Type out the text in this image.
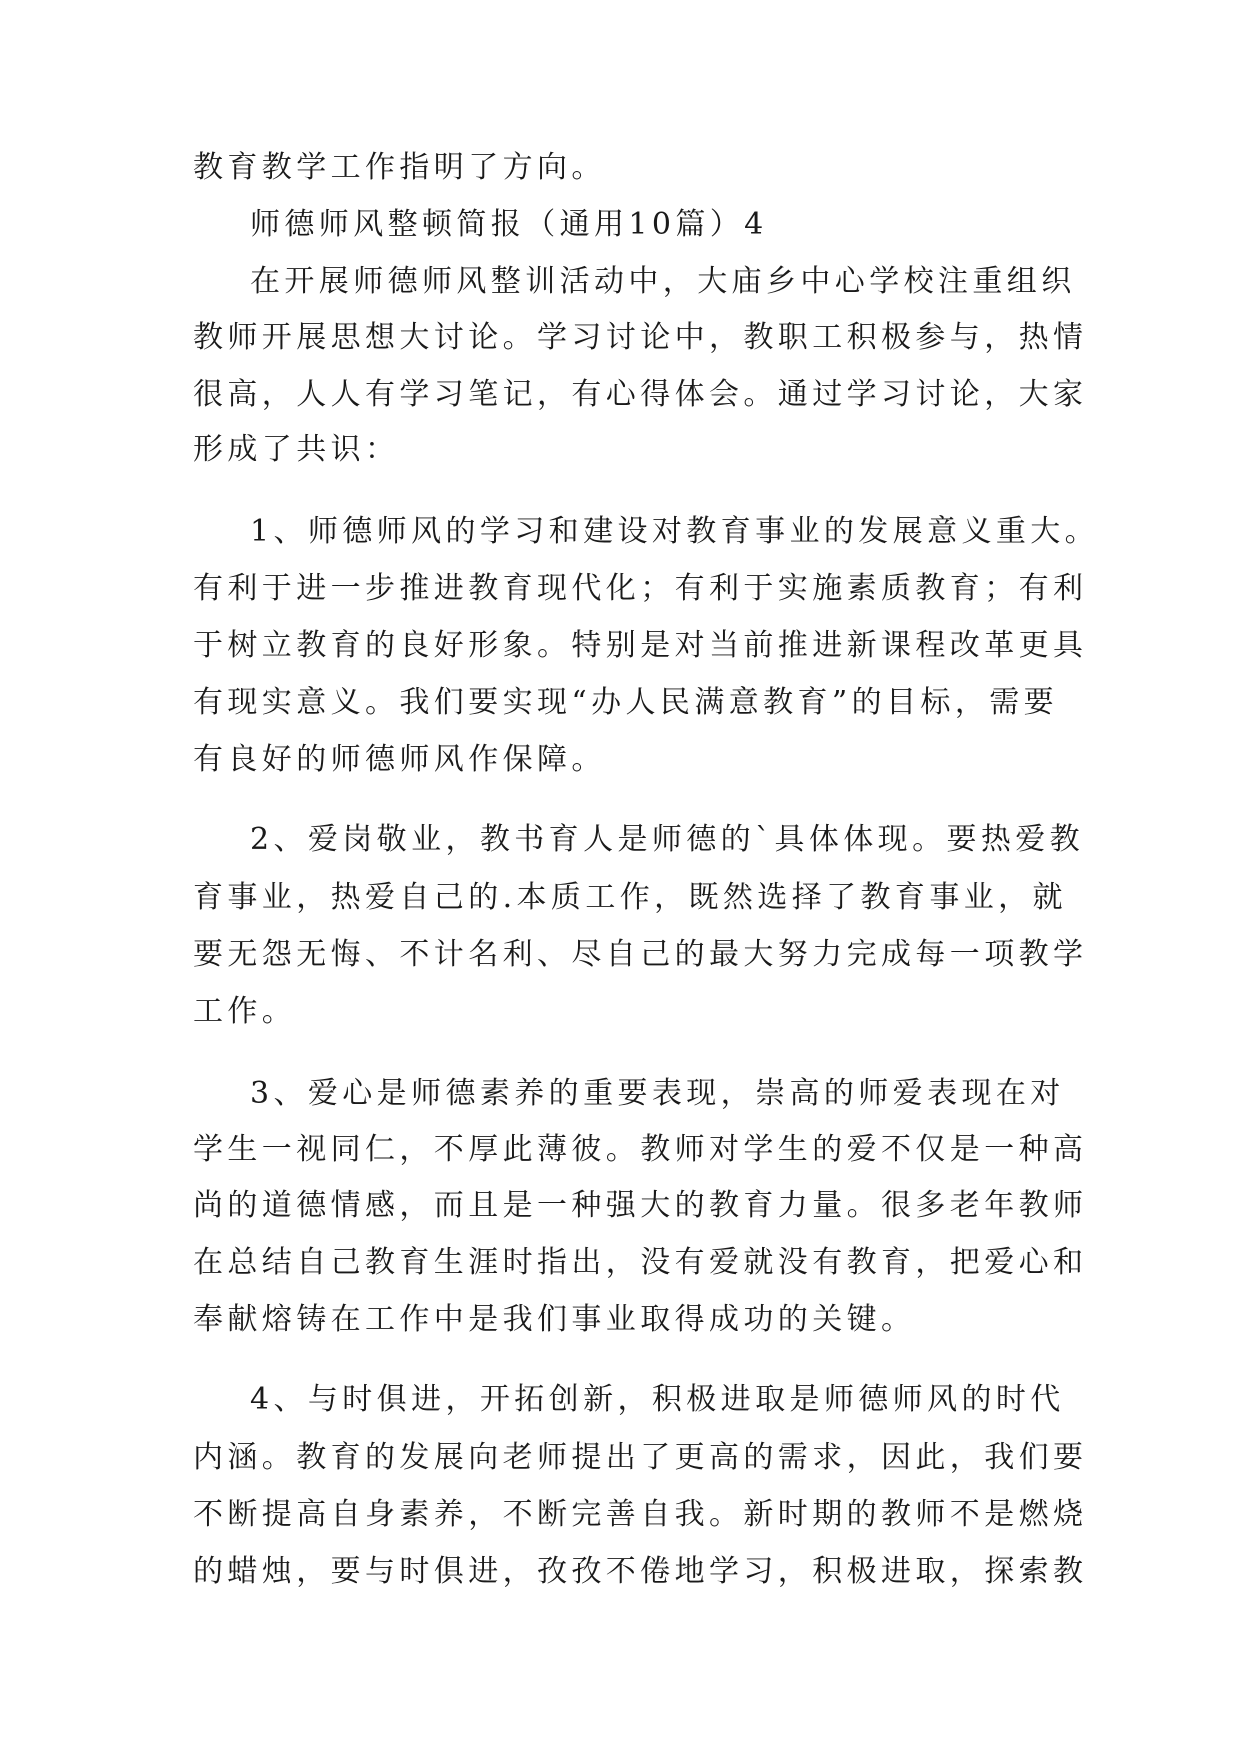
教育教学工作指明了方向。

师德师风整顿简报（通用10篇）4

在开展师德师风整训活动中，大庙乡中心学校注重组织

教师开展思想大讨论。学习讨论中，教职工积极参与，热情

很高，人人有学习笔记，有心得体会。通过学习讨论，大家

形成了共识：

1、师德师风的学习和建设对教育事业的发展意义重大。

有利于进一步推进教育现代化；有利于实施素质教育；有利

于树立教育的良好形象。特别是对当前推进新课程改革更具

有现实意义。我们要实现“办人民满意教育”的目标，需要

有良好的师德师风作保障。

2、爱岗敬业，教书育人是师德的`具体体现。要热爱教

育事业，热爱自己的.本质工作，既然选择了教育事业，就

要无怨无悔、不计名利、尽自己的最大努力完成每一项教学

工作。

3、爱心是师德素养的重要表现，崇高的师爱表现在对

学生一视同仁，不厚此薄彼。教师对学生的爱不仅是一种高

尚的道德情感，而且是一种强大的教育力量。很多老年教师

在总结自己教育生涯时指出，没有爱就没有教育，把爱心和

奉献熔铸在工作中是我们事业取得成功的关键。

4、与时俱进，开拓创新，积极进取是师德师风的时代

内涵。教育的发展向老师提出了更高的需求，因此，我们要

不断提高自身素养，不断完善自我。新时期的教师不是燃烧

的蜡烛，要与时俱进，孜孜不倦地学习，积极进取，探索教
